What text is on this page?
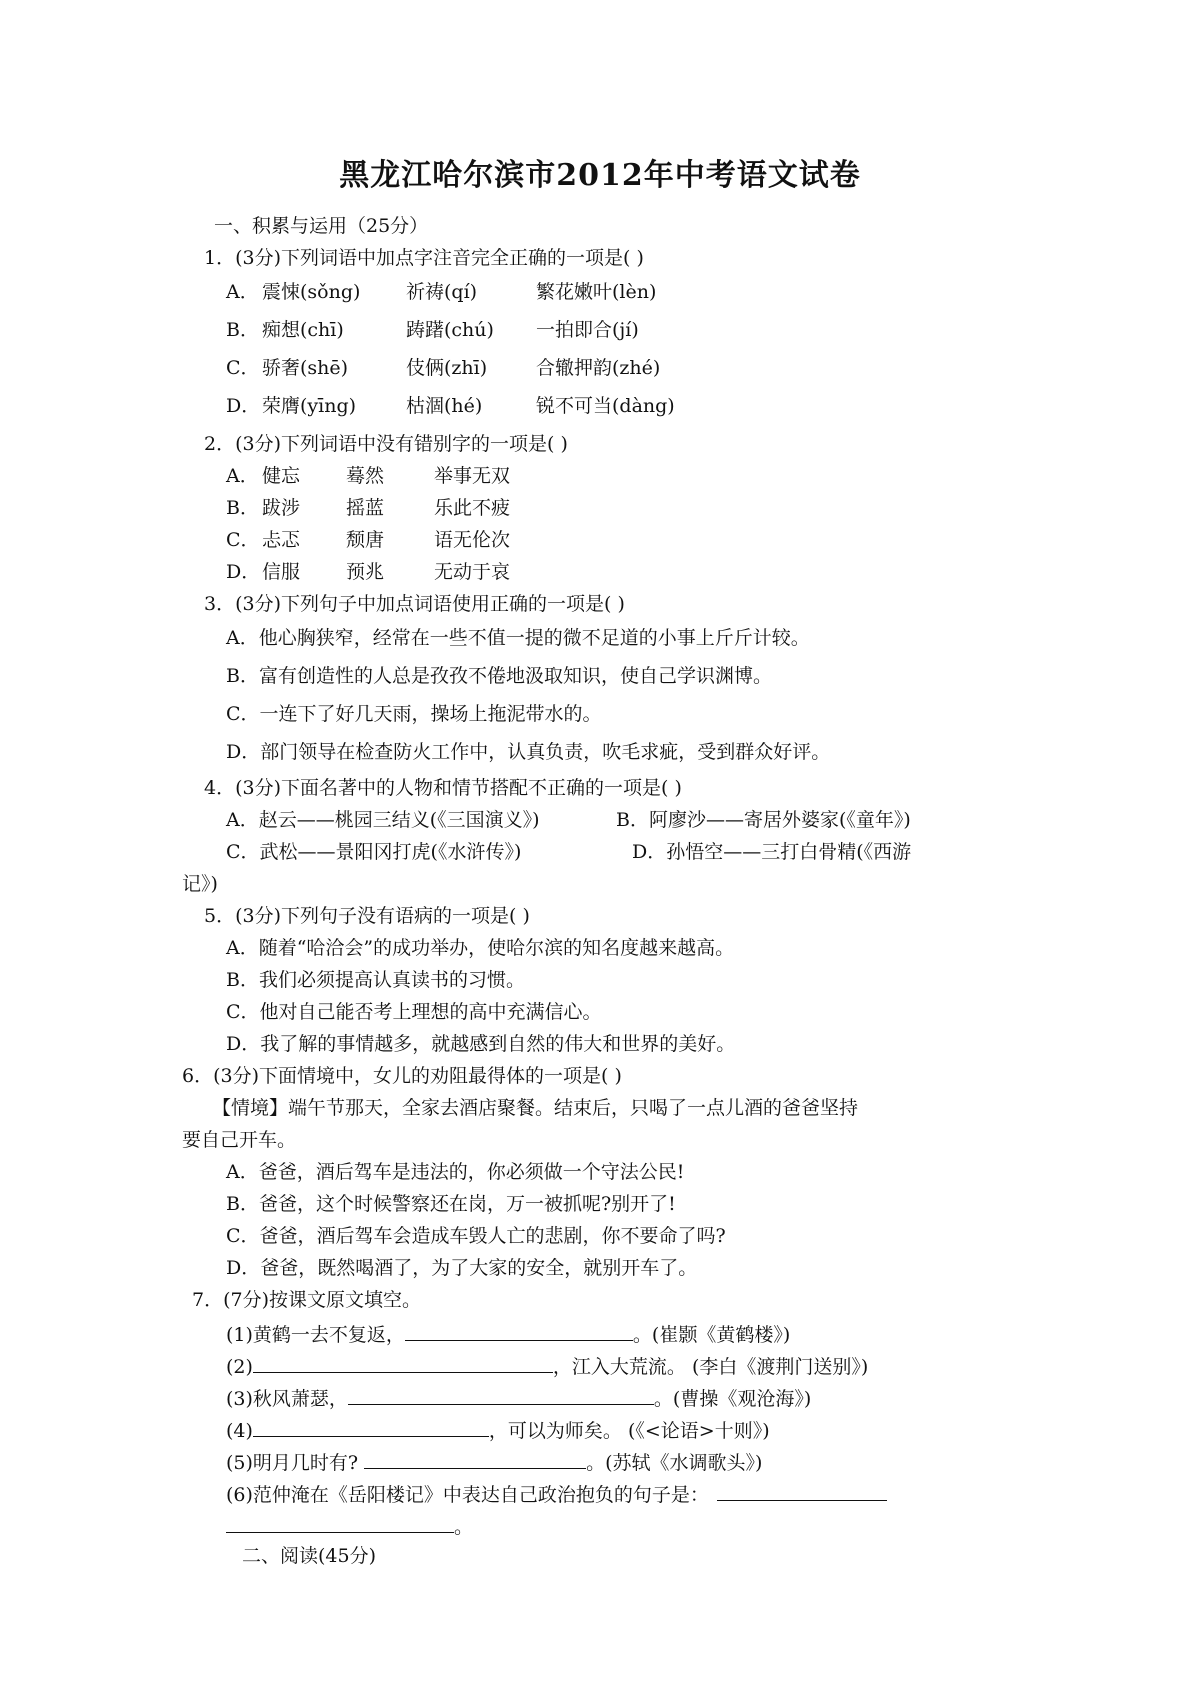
黑龙江哈尔滨市2012年中考语文试卷
一、积累与运用（25分）
1．(3分)下列词语中加点字注音完全正确的一项是( )
A． 震悚(sǒng) 祈祷(qí)	繁花嫩叶(lèn)
B． 痴想(chī)	踌躇(chú) 一拍即合(jí)
C． 骄奢(shē)	伎俩(zhī)	合辙押韵(zhé)
D． 荣膺(yīng)	枯涸(hé)	锐不可当(dàng)
2．(3分)下列词语中没有错别字的一项是( )
A． 健忘 蓦然	举事无双
B． 跋涉 摇蓝	乐此不疲
C． 忐忑 颓唐	语无伦次
D． 信服 预兆	无动于哀
3．(3分)下列句子中加点词语使用正确的一项是( )
A．他心胸狭窄，经常在一些不值一提的微不足道的小事上斤斤计较。
B．富有创造性的人总是孜孜不倦地汲取知识，使自己学识渊博。
C．一连下了好几天雨，操场上拖泥带水的。
D．部门领导在检查防火工作中，认真负责，吹毛求疵，受到群众好评。
4．(3分)下面名著中的人物和情节搭配不正确的一项是( )
A．赵云——桃园三结义(《三国演义》)	B．阿廖沙——寄居外婆家(《童年》)
C．武松——景阳冈打虎(《水浒传》)	D．孙悟空——三打白骨精(《西游
记》)
5．(3分)下列句子没有语病的一项是( )
A．随着“哈洽会”的成功举办，使哈尔滨的知名度越来越高。
B．我们必须提高认真读书的习惯。
C．他对自己能否考上理想的高中充满信心。
D．我了解的事情越多，就越感到自然的伟大和世界的美好。
6．(3分)下面情境中，女儿的劝阻最得体的一项是( )
【情境】端午节那天，全家去酒店聚餐。结束后，只喝了一点儿酒的爸爸坚持
要自己开车。
A．爸爸，酒后驾车是违法的，你必须做一个守法公民!
B．爸爸，这个时候警察还在岗，万一被抓呢?别开了!
C．爸爸，酒后驾车会造成车毁人亡的悲剧，你不要命了吗?
D．爸爸，既然喝酒了，为了大家的安全，就别开车了。
7．(7分)按课文原文填空。
(1)黄鹤一去不复返，	。(崔颢《黄鹤楼》)
(2)	，江入大荒流。 (李白《渡荆门送别》)
(3)秋风萧瑟，	。(曹操《观沧海》)
(4)	，可以为师矣。 (《<论语>十则》)
(5)明月几时有?	。(苏轼《水调歌头》)
(6)范仲淹在《岳阳楼记》中表达自己政治抱负的句子是：
。
二、阅读(45分)
